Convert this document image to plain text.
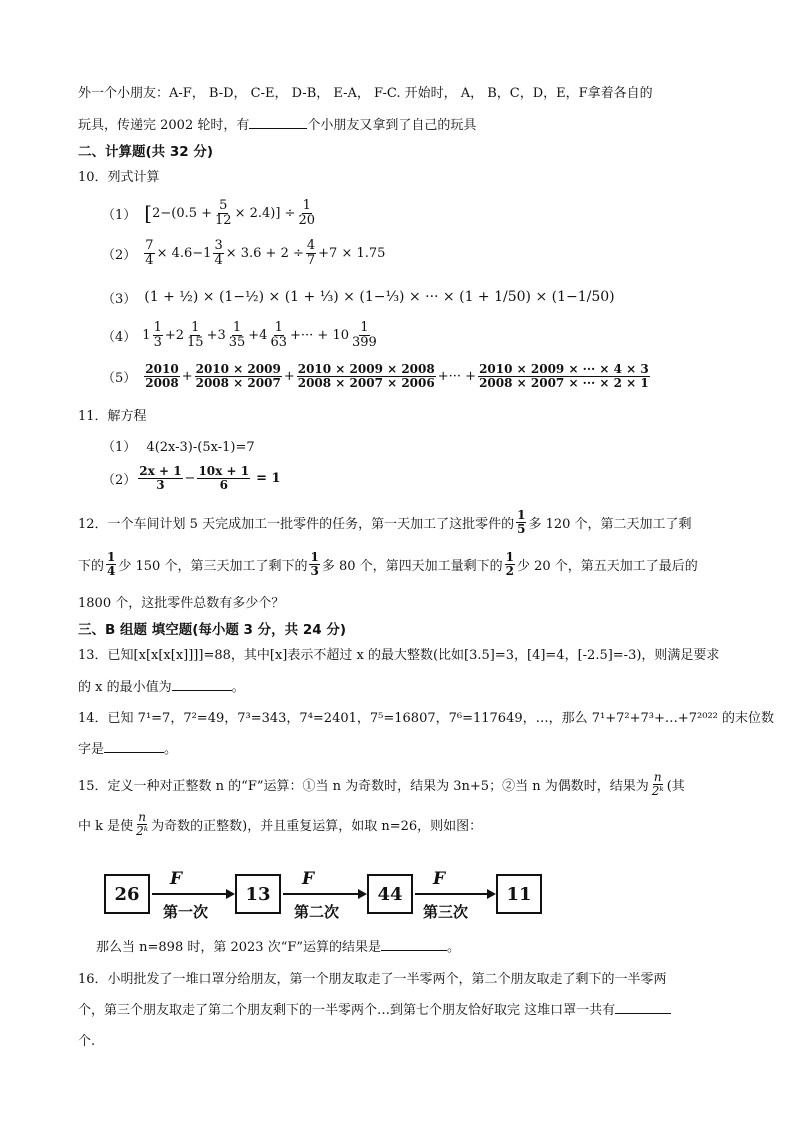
外一个小朋友：A-F， B-D， C-E， D-B， E-A， F-C. 开始时， A， B，C，D，E，F拿着各自的
玩具，传递完 2002 轮时，有	个小朋友又拿到了自己的玩具
二、计算题(共 32 分)
10．列式计算
（1） [ $2-(0.5 + \frac{5}{12} \times 2.4)] \div \frac{1}{20}$
$(2) \frac{7}{4} \times 4.6-1 \frac{3}{4} \times 3.6 + 2 \div \frac{4}{7} +7 \times 1.75$
（3） (1 + ½) × (1−½) × (1 + ⅓) × (1−⅓) × ··· × (1 + 1/50) × (1−1/50)
（4） $1 \frac{1}{3} +2 \frac{1}{15} +3 \frac{1}{35} +4 \frac{1}{63}$ +··· + $10 \frac{1}{399}$
$(5) \frac{2010}{2008} + \frac{2010 \times 2009}{2008 \times 2007} + \frac{2010 \times 2009 \times 2008}{2008 \times 2007 \times 2006}$ +··· + $\frac{2010 \times 2009 \times \cdot\cdot\cdot \times 4 \times 3}{2008 \times 2007 \times \cdot\cdot\cdot \times 2 \times 1}$
11．解方程
（1） 4(2x-3)-(5x-1)=7
$(2) \frac{2x + 1}{3} - \frac{10x + 1}{6} = 1$
12．一个车间计划 5 天完成加工一批零件的任务，第一天加工了这批零件的 $\frac{1}{5}$ 多 120 个，第二天加工了剩
下的 $\frac{1}{4}$ 少 150 个，第三天加工了剩下的 $\frac{1}{3}$ 多 80 个，第四天加工量剩下的 $\frac{1}{2}$ 少 20 个，第五天加工了最后的
1800 个，这批零件总数有多少个？
三、B 组题 填空题(每小题 3 分，共 24 分)
13．已知[x[x[x[x]]]]=88，其中[x]表示不超过 x 的最大整数(比如[3.5]=3，[4]=4，[-2.5]=-3)，则满足要求
的 x 的最小值为	。
14．已知 7¹=7，7²=49，7³=343，7⁴=2401，7⁵=16807，7⁶=117649，…，那么 7¹+7²+7³+…+7²⁰²² 的末位数
字是	。
15．定义一种对正整数 n 的“F”运算：①当 n 为奇数时，结果为 3n+5；②当 n 为偶数时，结果为 $\frac{n}{\text{2ᵏ}}$ (其
中 k 是使 $\frac{n}{\text{2ᵏ}}$ 为奇数的正整数)，并且重复运算，如取 n=26，则如图：
26	13	44	11
F	F	F
第一次	第二次	第三次
那么当 n=898 时，第 2023 次“F”运算的结果是	。
16．小明批发了一堆口罩分给朋友，第一个朋友取走了一半零两个，第二个朋友取走了剩下的一半零两
个，第三个朋友取走了第二个朋友剩下的一半零两个…到第七个朋友恰好取完 这堆口罩一共有
个.
